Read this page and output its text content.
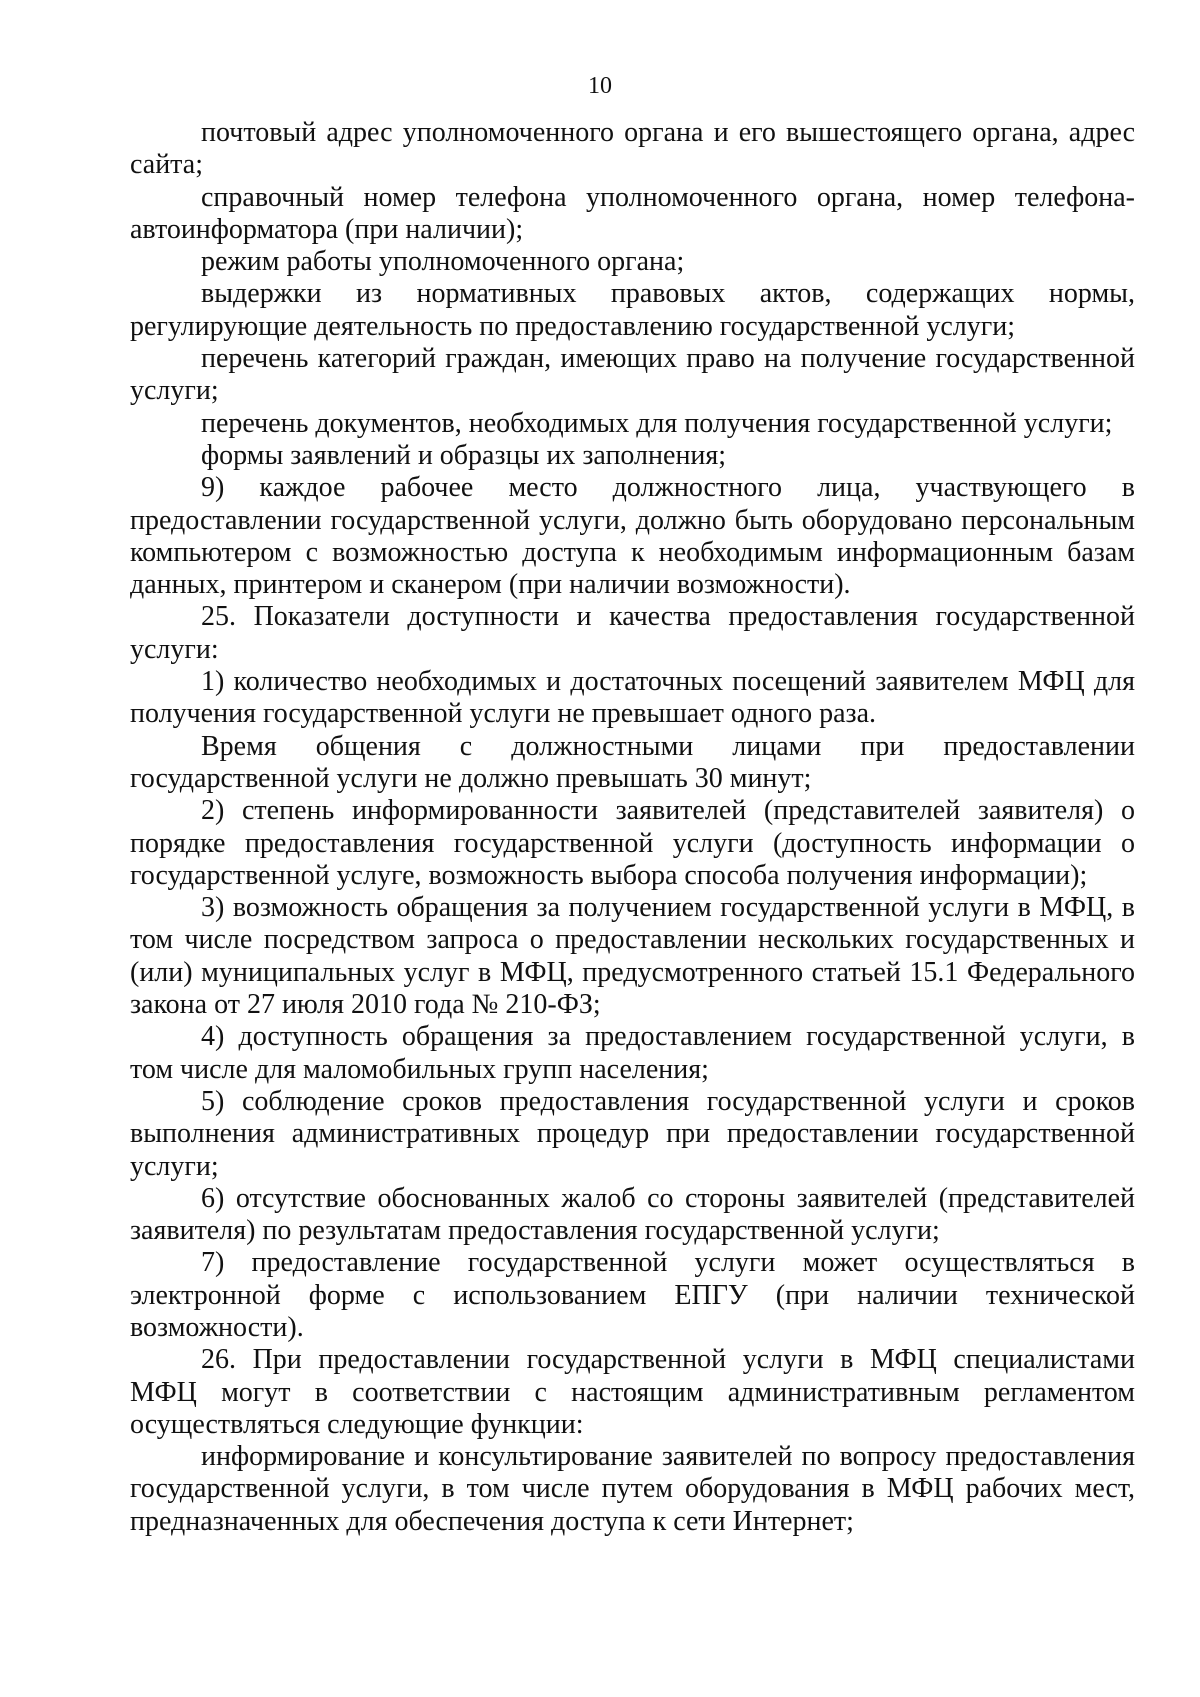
10

почтовый адрес уполномоченного органа и его вышестоящего органа, адрес сайта;

справочный номер телефона уполномоченного органа, номер телефона-автоинформатора (при наличии);

режим работы уполномоченного органа;

выдержки из нормативных правовых актов, содержащих нормы, регулирующие деятельность по предоставлению государственной услуги;

перечень категорий граждан, имеющих право на получение государственной услуги;

перечень документов, необходимых для получения государственной услуги;

формы заявлений и образцы их заполнения;

9) каждое рабочее место должностного лица, участвующего в предоставлении государственной услуги, должно быть оборудовано персональным компьютером с возможностью доступа к необходимым информационным базам данных, принтером и сканером (при наличии возможности).

25. Показатели доступности и качества предоставления государственной услуги:

1) количество необходимых и достаточных посещений заявителем МФЦ для получения государственной услуги не превышает одного раза.

Время общения с должностными лицами при предоставлении государственной услуги не должно превышать 30 минут;

2) степень информированности заявителей (представителей заявителя) о порядке предоставления государственной услуги (доступность информации о государственной услуге, возможность выбора способа получения информации);

3) возможность обращения за получением государственной услуги в МФЦ, в том числе посредством запроса о предоставлении нескольких государственных и (или) муниципальных услуг в МФЦ, предусмотренного статьей 15.1 Федерального закона от 27 июля 2010 года № 210-ФЗ;

4) доступность обращения за предоставлением государственной услуги, в том числе для маломобильных групп населения;

5) соблюдение сроков предоставления государственной услуги и сроков выполнения административных процедур при предоставлении государственной услуги;

6) отсутствие обоснованных жалоб со стороны заявителей (представителей заявителя) по результатам предоставления государственной услуги;

7) предоставление государственной услуги может осуществляться в электронной форме с использованием ЕПГУ (при наличии технической возможности).

26. При предоставлении государственной услуги в МФЦ специалистами МФЦ могут в соответствии с настоящим административным регламентом осуществляться следующие функции:

информирование и консультирование заявителей по вопросу предоставления государственной услуги, в том числе путем оборудования в МФЦ рабочих мест, предназначенных для обеспечения доступа к сети Интернет;
